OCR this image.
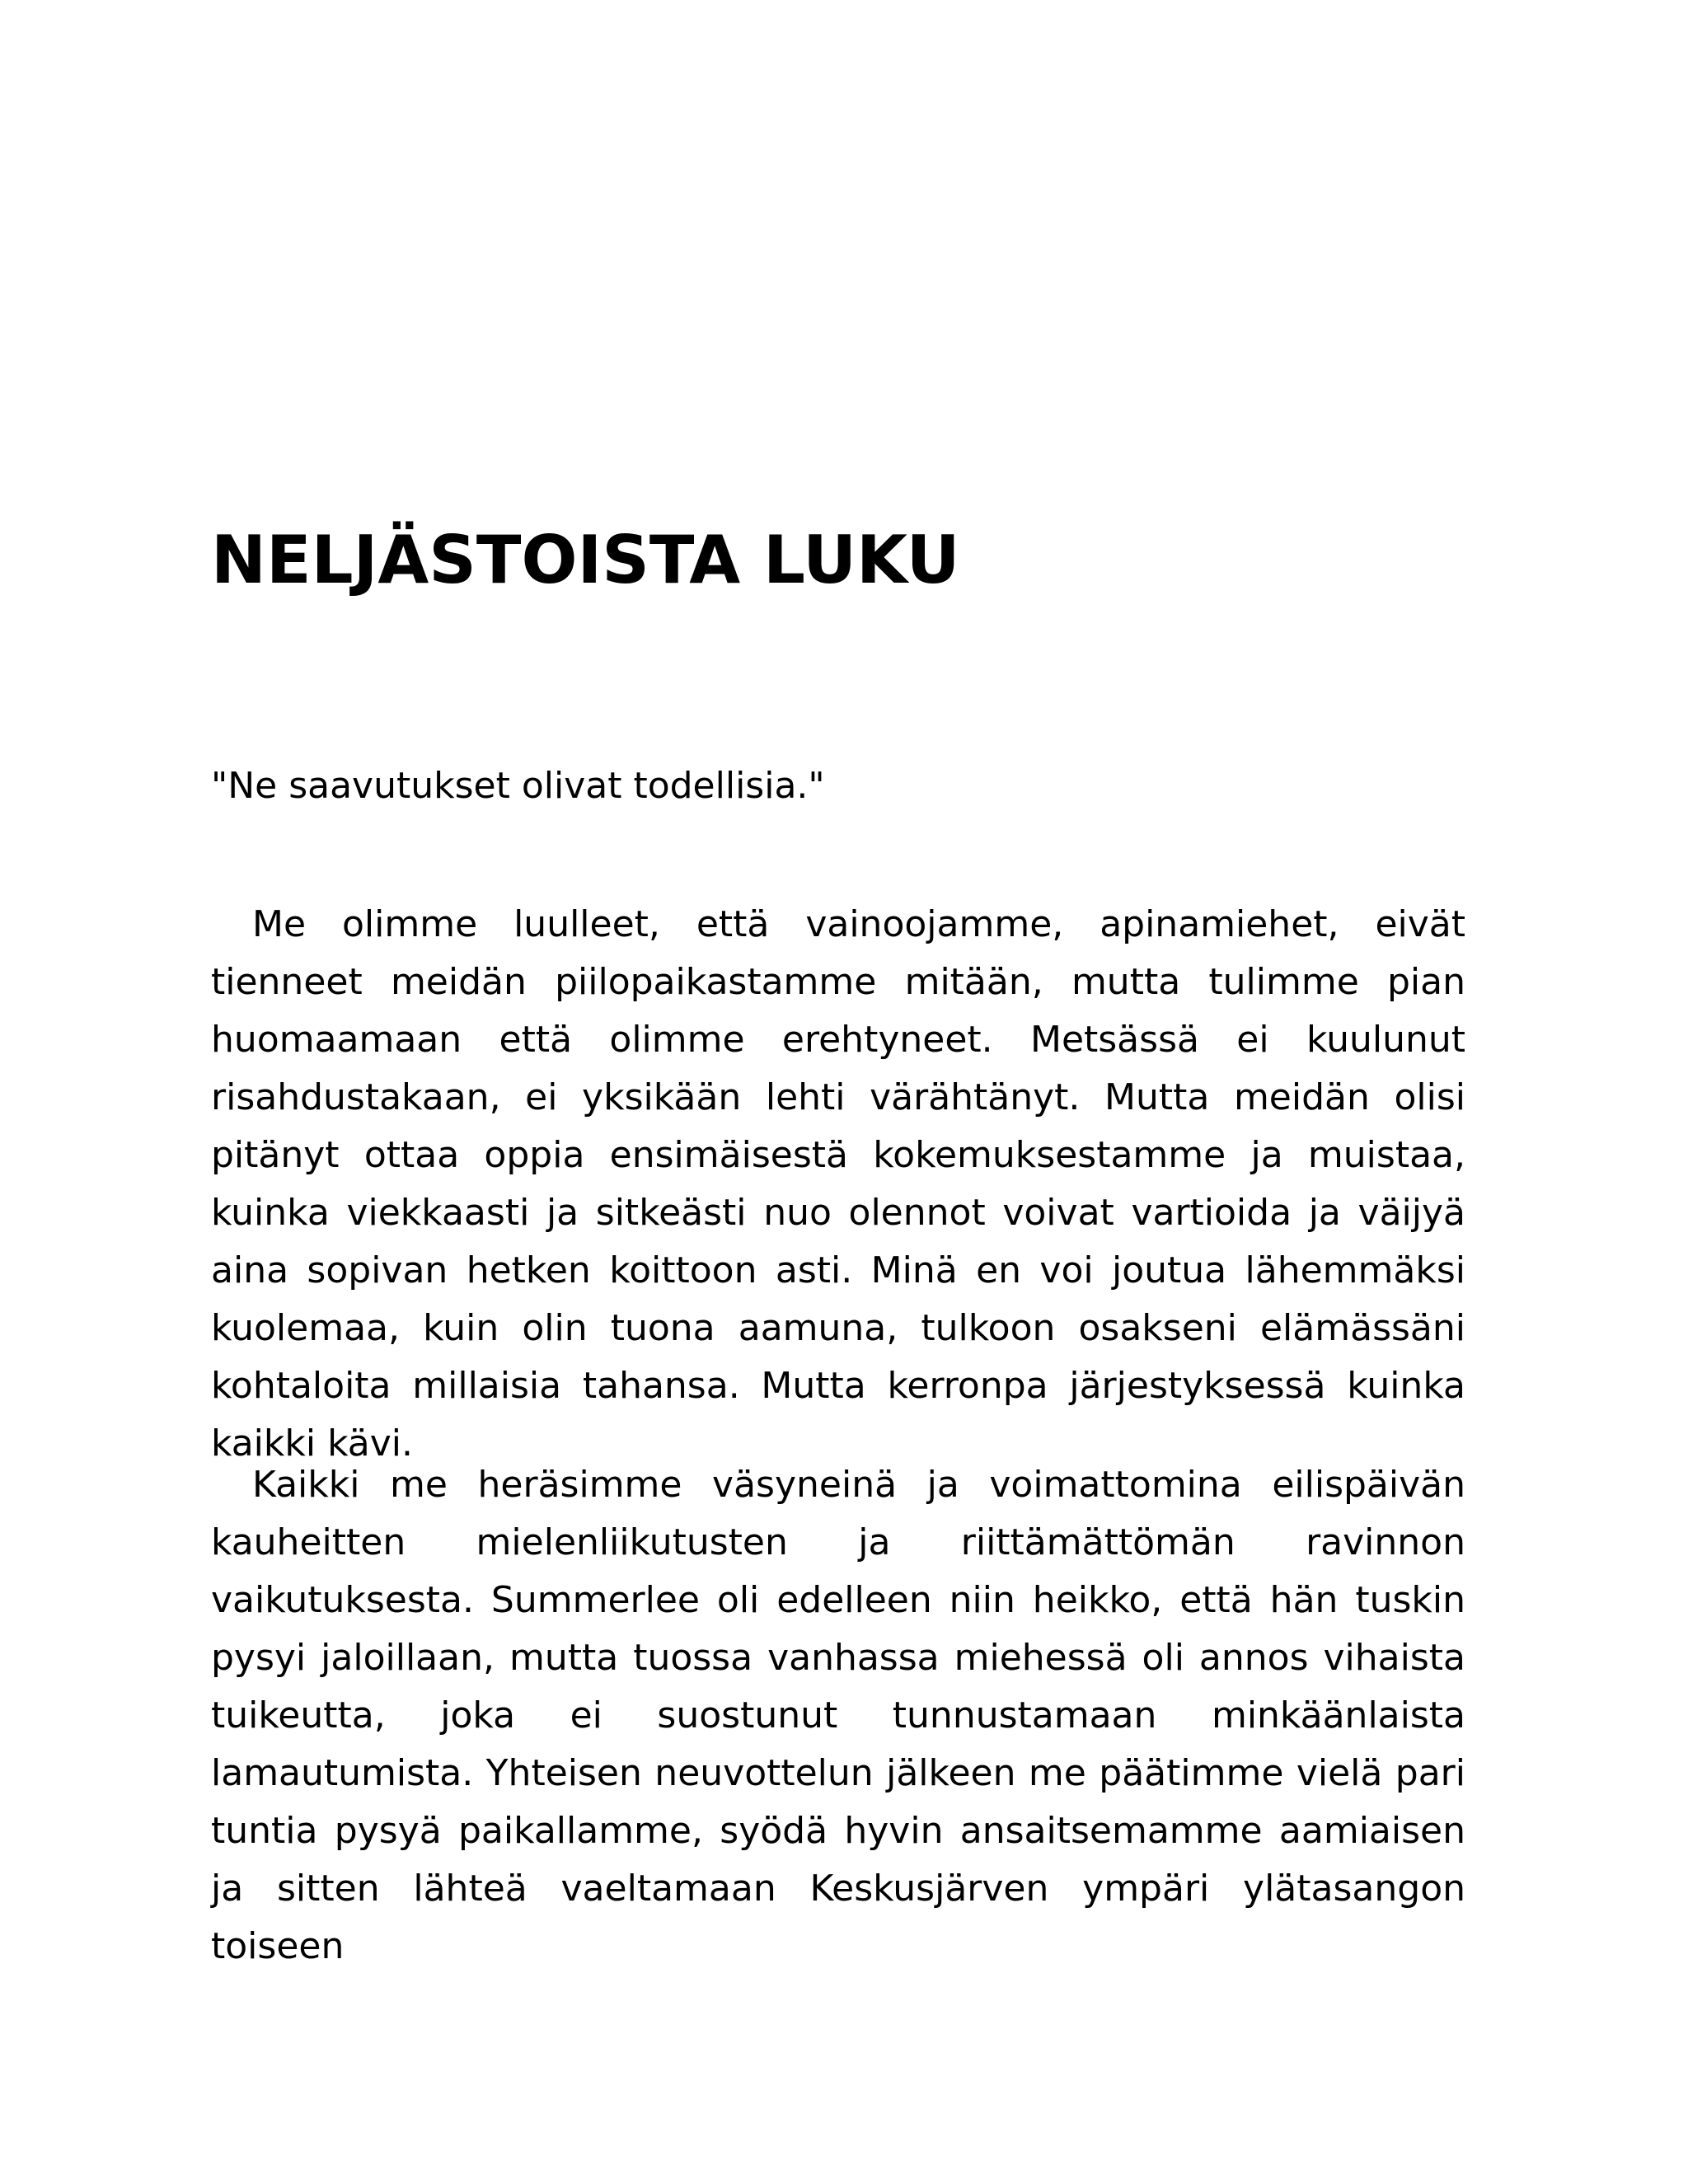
NELJÄSTOISTA LUKU

"Ne saavutukset olivat todellisia."

Me olimme luulleet, että vainoojamme, apinamiehet, eivät tienneet meidän piilopaikastamme mitään, mutta tulimme pian huomaamaan että olimme erehtyneet. Metsässä ei kuulunut risahdustakaan, ei yksikään lehti värähtänyt. Mutta meidän olisi pitänyt ottaa oppia ensimäisestä kokemuksestamme ja muistaa, kuinka viekkaasti ja sitkeästi nuo olennot voivat vartioida ja väijyä aina sopivan hetken koittoon asti. Minä en voi joutua lähemmäksi kuolemaa, kuin olin tuona aamuna, tulkoon osakseni elämässäni kohtaloita millaisia tahansa. Mutta kerronpa järjestyksessä kuinka kaikki kävi.

Kaikki me heräsimme väsyneinä ja voimattomina eilispäivän kauheitten mielenliikutusten ja riittämättömän ravinnon vaikutuksesta. Summerlee oli edelleen niin heikko, että hän tuskin pysyi jaloillaan, mutta tuossa vanhassa miehessä oli annos vihaista tuikeutta, joka ei suostunut tunnustamaan minkäänlaista lamautumista. Yhteisen neuvottelun jälkeen me päätimme vielä pari tuntia pysyä paikallamme, syödä hyvin ansaitsemamme aamiaisen ja sitten lähteä vaeltamaan Keskusjärven ympäri ylätasangon toiseen
